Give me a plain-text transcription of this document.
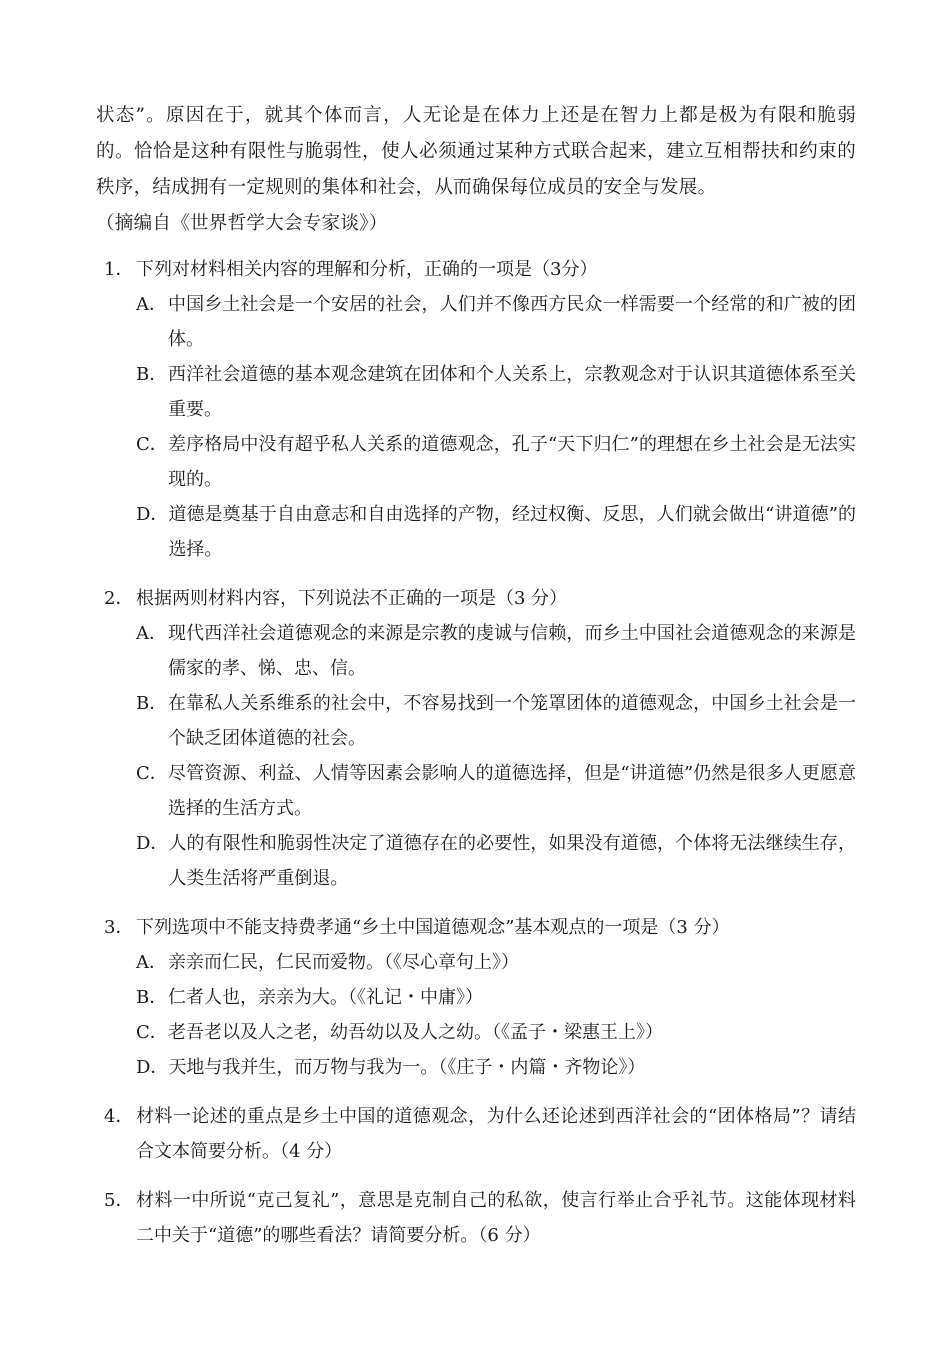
状态”。原因在于，就其个体而言，人无论是在体力上还是在智力上都是极为有限和脆弱的。恰恰是这种有限性与脆弱性，使人必须通过某种方式联合起来，建立互相帮扶和约束的秩序，结成拥有一定规则的集体和社会，从而确保每位成员的安全与发展。

（摘编自《世界哲学大会专家谈》）

1． 下列对材料相关内容的理解和分析，正确的一项是（3分）
A． 中国乡土社会是一个安居的社会，人们并不像西方民众一样需要一个经常的和广被的团体。
B． 西洋社会道德的基本观念建筑在团体和个人关系上，宗教观念对于认识其道德体系至关重要。
C． 差序格局中没有超乎私人关系的道德观念，孔子“天下归仁”的理想在乡土社会是无法实现的。
D． 道德是奠基于自由意志和自由选择的产物，经过权衡、反思，人们就会做出“讲道德”的选择。
2． 根据两则材料内容，下列说法不正确的一项是（3 分）
A． 现代西洋社会道德观念的来源是宗教的虔诚与信赖，而乡土中国社会道德观念的来源是儒家的孝、悌、忠、信。
B． 在靠私人关系维系的社会中，不容易找到一个笼罩团体的道德观念，中国乡土社会是一个缺乏团体道德的社会。
C． 尽管资源、利益、人情等因素会影响人的道德选择，但是“讲道德”仍然是很多人更愿意选择的生活方式。
D． 人的有限性和脆弱性决定了道德存在的必要性，如果没有道德，个体将无法继续生存，人类生活将严重倒退。
3． 下列选项中不能支持费孝通“乡土中国道德观念”基本观点的一项是（3 分）
A． 亲亲而仁民，仁民而爱物。（《尽心章句上》）
B． 仁者人也，亲亲为大。（《礼记・中庸》）
C． 老吾老以及人之老，幼吾幼以及人之幼。（《孟子・梁惠王上》）
D． 天地与我并生，而万物与我为一。（《庄子・内篇・齐物论》）
4． 材料一论述的重点是乡土中国的道德观念，为什么还论述到西洋社会的“团体格局”？请结合文本简要分析。（4 分）
5． 材料一中所说“克己复礼”，意思是克制自己的私欲，使言行举止合乎礼节。这能体现材料二中关于“道德”的哪些看法？请简要分析。（6 分）
